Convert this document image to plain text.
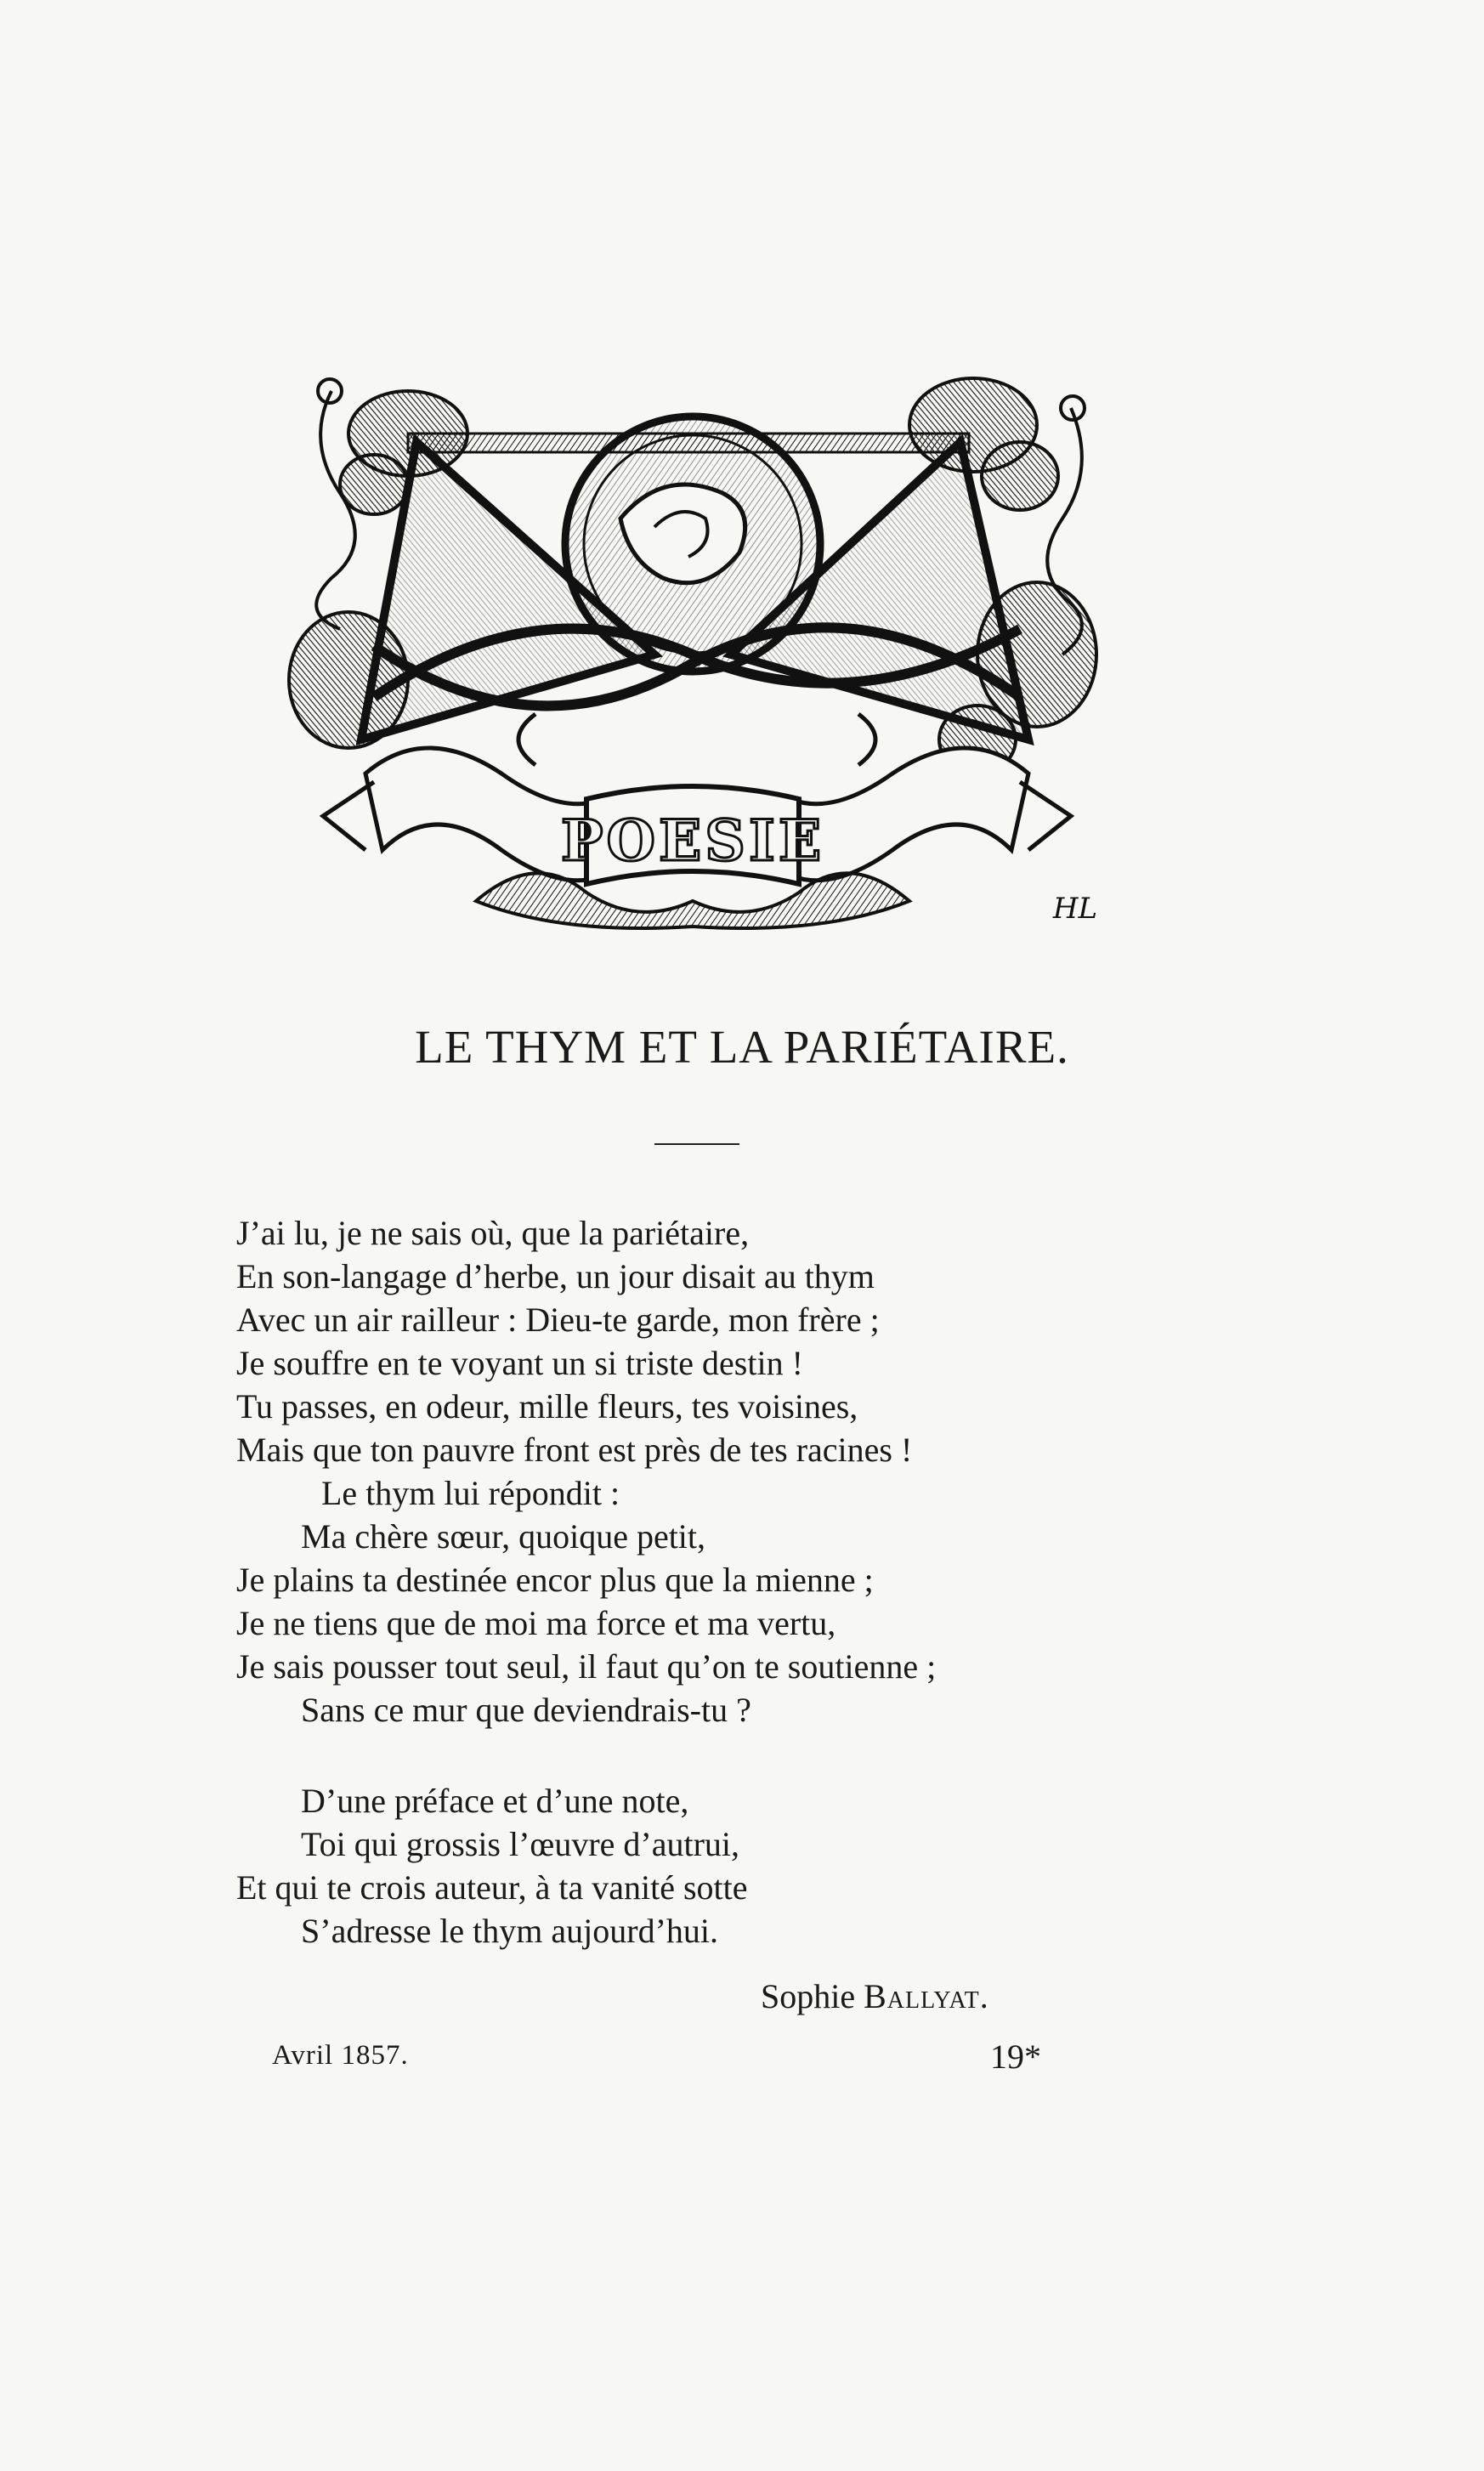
POESIE
HL
LE THYM ET LA PARIÉTAIRE.
J’ai lu, je ne sais où, que la pariétaire,
En son-langage d’herbe, un jour disait au thym
Avec un air railleur : Dieu-te garde, mon frère ;
Je souffre en te voyant un si triste destin !
Tu passes, en odeur, mille fleurs, tes voisines,
Mais que ton pauvre front est près de tes racines !
Le thym lui répondit :
Ma chère sœur, quoique petit,
Je plains ta destinée encor plus que la mienne ;
Je ne tiens que de moi ma force et ma vertu,
Je sais pousser tout seul, il faut qu’on te soutienne ;
Sans ce mur que deviendrais-tu ?
D’une préface et d’une note,
Toi qui grossis l’œuvre d’autrui,
Et qui te crois auteur, à ta vanité sotte
S’adresse le thym aujourd’hui.
Sophie Ballyat.
Avril 1857.	19*
